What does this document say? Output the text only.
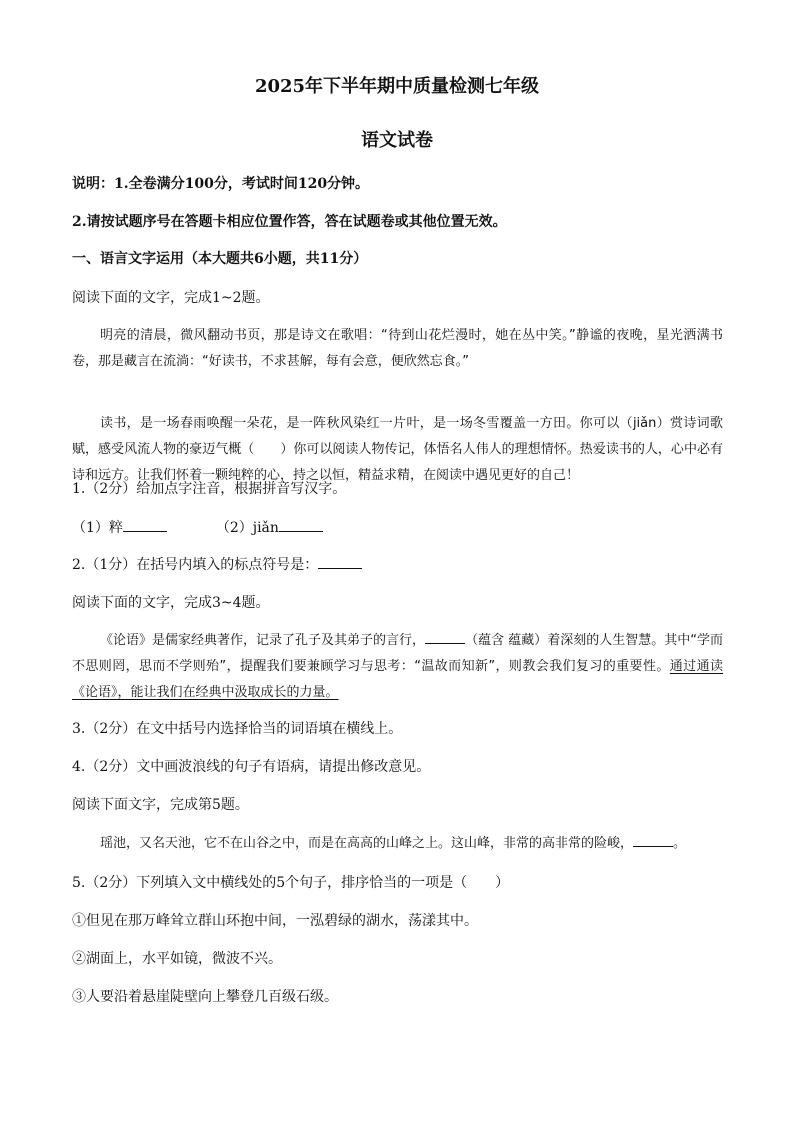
2025年下半年期中质量检测七年级
语文试卷
说明：1.全卷满分100分，考试时间120分钟。
2.请按试题序号在答题卡相应位置作答，答在试题卷或其他位置无效。
一、语言文字运用（本大题共6小题，共11分）
阅读下面的文字，完成1~2题。
明亮的清晨，微风翻动书页，那是诗文在歌唱：“待到山花烂漫时，她在丛中笑。”静谧的夜晚，星光洒满书卷，那是藏言在流淌：“好读书，不求甚解，每有会意，便欣然忘食。”
读书，是一场春雨唤醒一朵花，是一阵秋风染红一片叶，是一场冬雪覆盖一方田。你可以（jiǎn）赏诗词歌赋，感受风流人物的豪迈气概（　　）你可以阅读人物传记，体悟名人伟人的理想情怀。热爱读书的人，心中必有诗和远方。让我们怀着一颗纯粹的心，持之以恒，精益求精，在阅读中遇见更好的自己！
1.（2分）给加点字注音，根据拼音写汉字。
（1）粹	（2）jiǎn
2.（1分）在括号内填入的标点符号是：
阅读下面的文字，完成3~4题。
《论语》是儒家经典著作，记录了孔子及其弟子的言行，	（蕴含 蕴藏）着深刻的人生智慧。其中“学而不思则罔，思而不学则殆”，提醒我们要兼顾学习与思考：“温故而知新”，则教会我们复习的重要性。通过通读《论语》，能让我们在经典中汲取成长的力量。
3.（2分）在文中括号内选择恰当的词语填在横线上。
4.（2分）文中画波浪线的句子有语病，请提出修改意见。
阅读下面文字，完成第5题。
瑶池，又名天池，它不在山谷之中，而是在高高的山峰之上。这山峰，非常的高非常的险峻，	。
5.（2分）下列填入文中横线处的5个句子，排序恰当的一项是（　　）
①但见在那万峰耸立群山环抱中间，一泓碧绿的湖水，荡漾其中。
②湖面上，水平如镜，微波不兴。
③人要沿着悬崖陡壁向上攀登几百级石级。
